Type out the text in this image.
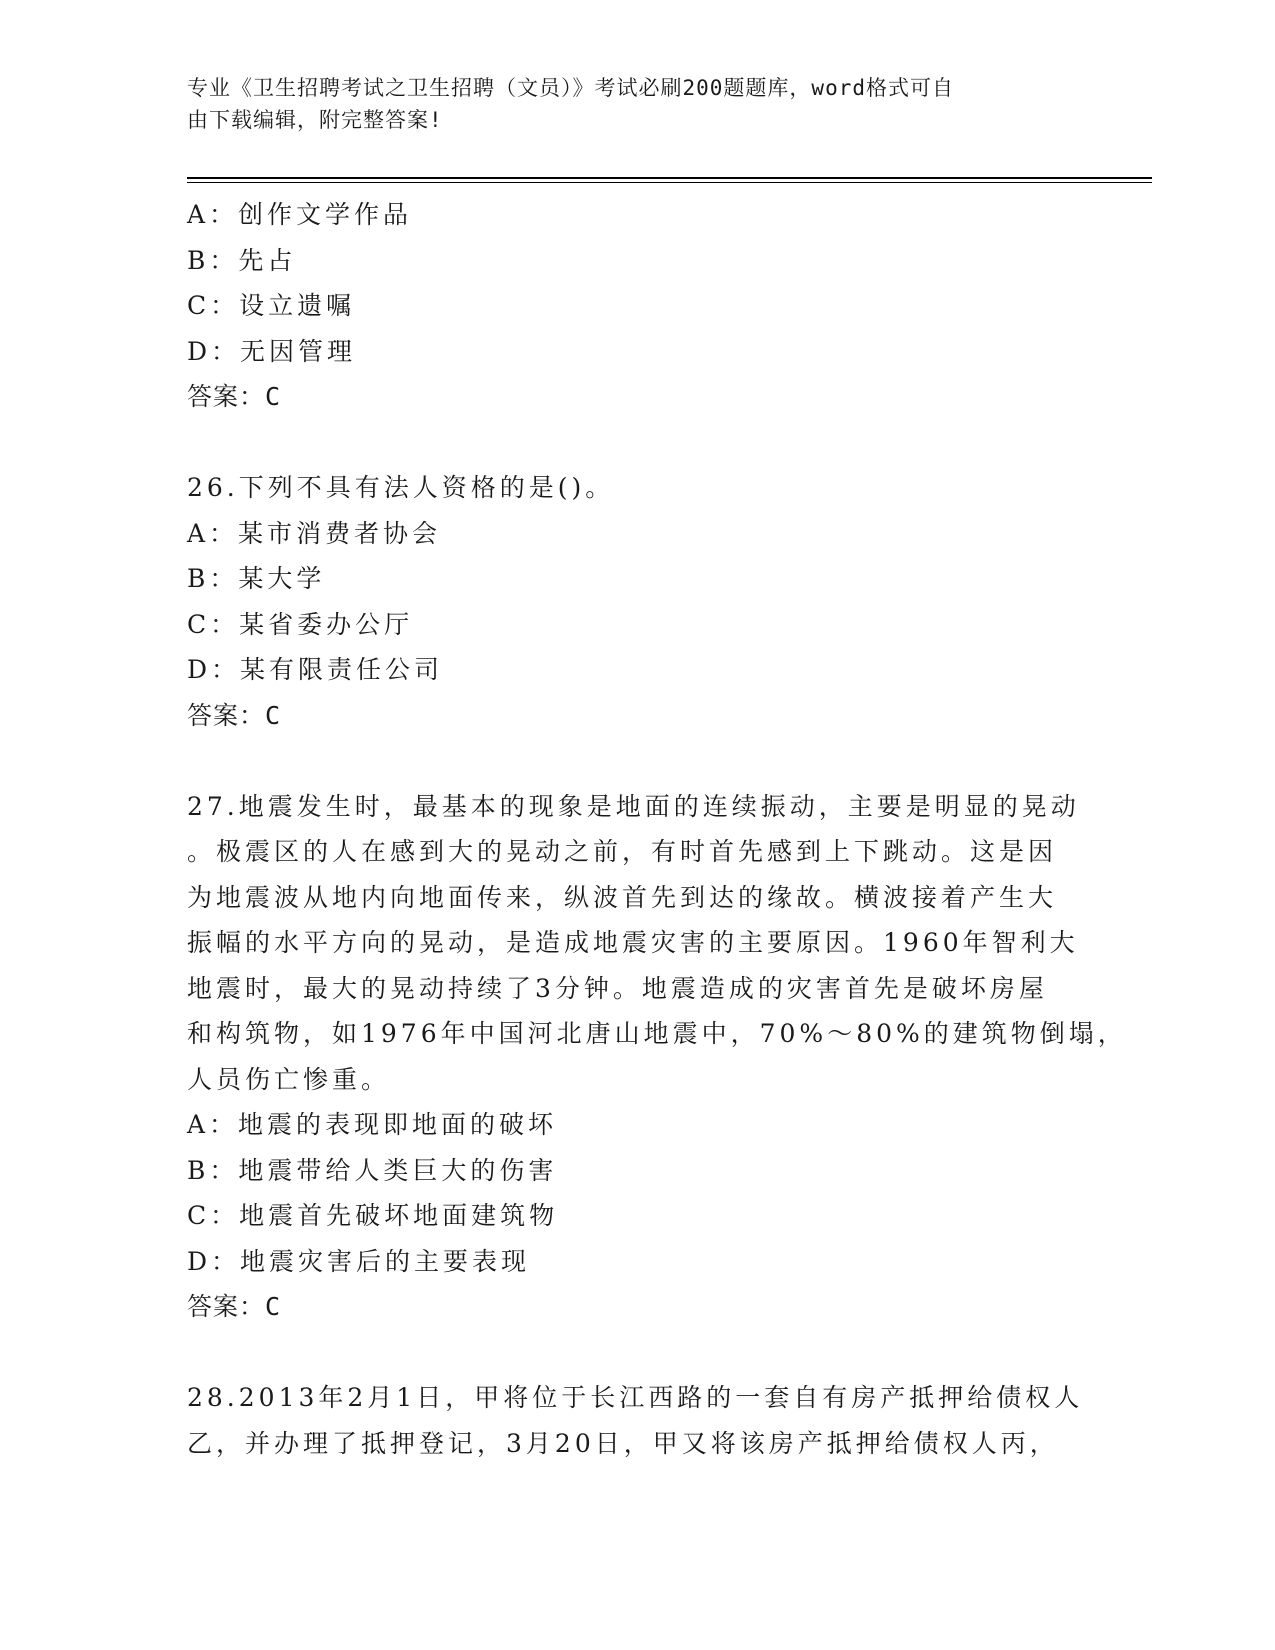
专业《卫生招聘考试之卫生招聘（文员）》考试必刷200题题库，word格式可自
由下载编辑，附完整答案!
A：创作文学作品
B：先占
C：设立遗嘱
D：无因管理
答案：C
26.下列不具有法人资格的是()。
A：某市消费者协会
B：某大学
C：某省委办公厅
D：某有限责任公司
答案：C
27.地震发生时，最基本的现象是地面的连续振动，主要是明显的晃动
。极震区的人在感到大的晃动之前，有时首先感到上下跳动。这是因
为地震波从地内向地面传来，纵波首先到达的缘故。横波接着产生大
振幅的水平方向的晃动，是造成地震灾害的主要原因。1960年智利大
地震时，最大的晃动持续了3分钟。地震造成的灾害首先是破坏房屋
和构筑物，如1976年中国河北唐山地震中，70%～80%的建筑物倒塌，
人员伤亡惨重。
A：地震的表现即地面的破坏
B：地震带给人类巨大的伤害
C：地震首先破坏地面建筑物
D：地震灾害后的主要表现
答案：C
28.2013年2月1日，甲将位于长江西路的一套自有房产抵押给债权人
乙，并办理了抵押登记，3月20日，甲又将该房产抵押给债权人丙，
